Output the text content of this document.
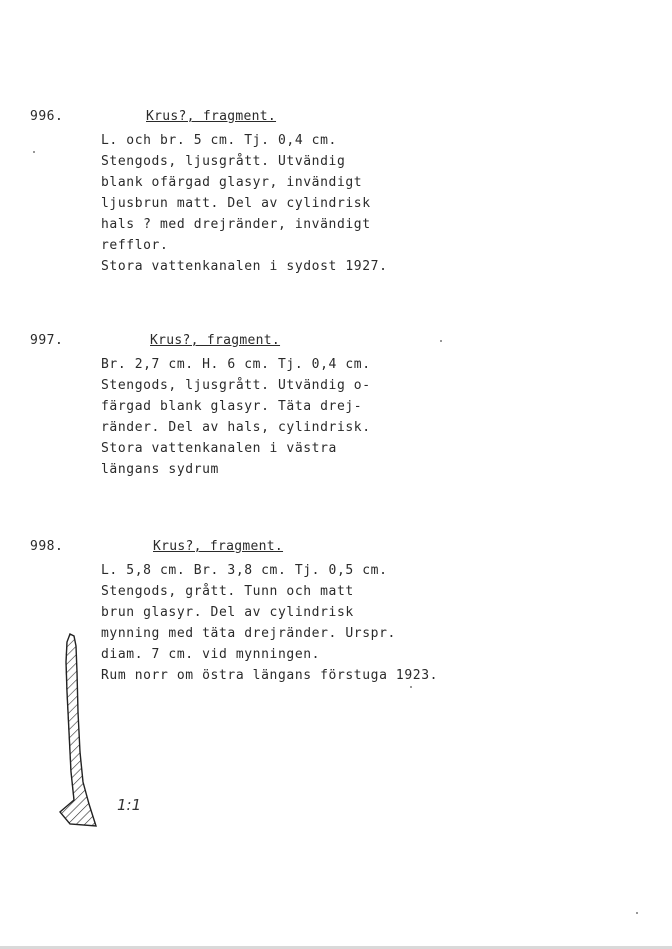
996.	Krus?, fragment.
L. och br. 5 cm. Tj. 0,4 cm.
Stengods, ljusgrått. Utvändig
blank ofärgad glasyr, invändigt
ljusbrun matt. Del av cylindrisk
hals ? med drejränder, invändigt
refflor.
Stora vattenkanalen i sydost 1927.
997.	Krus?, fragment.
Br. 2,7 cm. H. 6 cm. Tj. 0,4 cm.
Stengods, ljusgrått. Utvändig o-
färgad blank glasyr. Täta drej-
ränder. Del av hals, cylindrisk.
Stora vattenkanalen i västra
längans sydrum
998.	Krus?, fragment.
L. 5,8 cm. Br. 3,8 cm. Tj. 0,5 cm.
Stengods, grått. Tunn och matt
brun glasyr. Del av cylindrisk
mynning med täta drejränder. Urspr.
diam. 7 cm. vid mynningen.
Rum norr om östra längans förstuga 1923.
1:1
